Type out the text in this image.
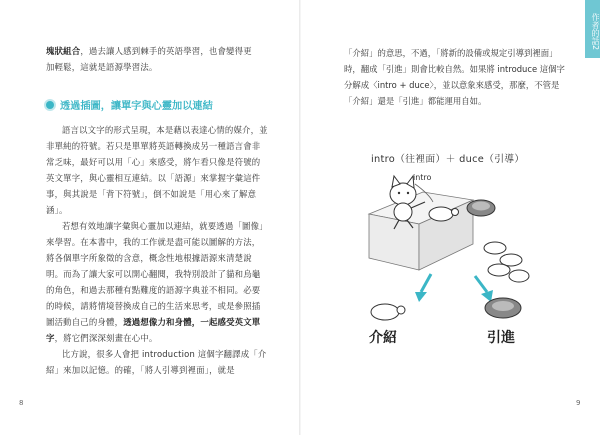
塊狀組合，過去讓人感到棘手的英語學習，也會變得更

加輕鬆，這就是語源學習法。

透過插圖，讓單字與心靈加以連結

語言以文字的形式呈現，本是藉以表達心情的媒介，並非單純的符號。若只是單單將英語轉換成另一種語言會非常乏味，最好可以用「心」來感受，將乍看只像是符號的英文單字，與心靈相互連結。以「語源」來掌握字彙這件事，與其說是「背下符號」，倒不如說是「用心來了解意涵」。

若想有效地讓字彙與心靈加以連結，就要透過「圖像」來學習。在本書中，我的工作就是盡可能以圖解的方法，將各個單字所象徵的含意，概念性地根據語源來清楚說明。而為了讓大家可以開心翻閱，我特別設計了貓和烏龜的角色，和過去那種有點難度的語源字典並不相同。必要的時候，請將情境替換成自己的生活來思考，或是參照插圖活動自己的身體，透過想像力和身體，一起感受英文單字，將它們深深刻畫在心中。

比方說，很多人會把 introduction 這個字翻譯成「介紹」來加以記憶。的確，「將人引導到裡面」，就是

8
作者的話2

「介紹」的意思，不過，「將新的設備或規定引導到裡面」時，翻成「引進」則會比較自然。如果將 introduce 這個字分解成〈intro + duce〉，並以意象來感受，那麼，不管是「介紹」還是「引進」都能運用自如。

intro（往裡面）＋ duce（引導）
intro
介紹	引進
9
